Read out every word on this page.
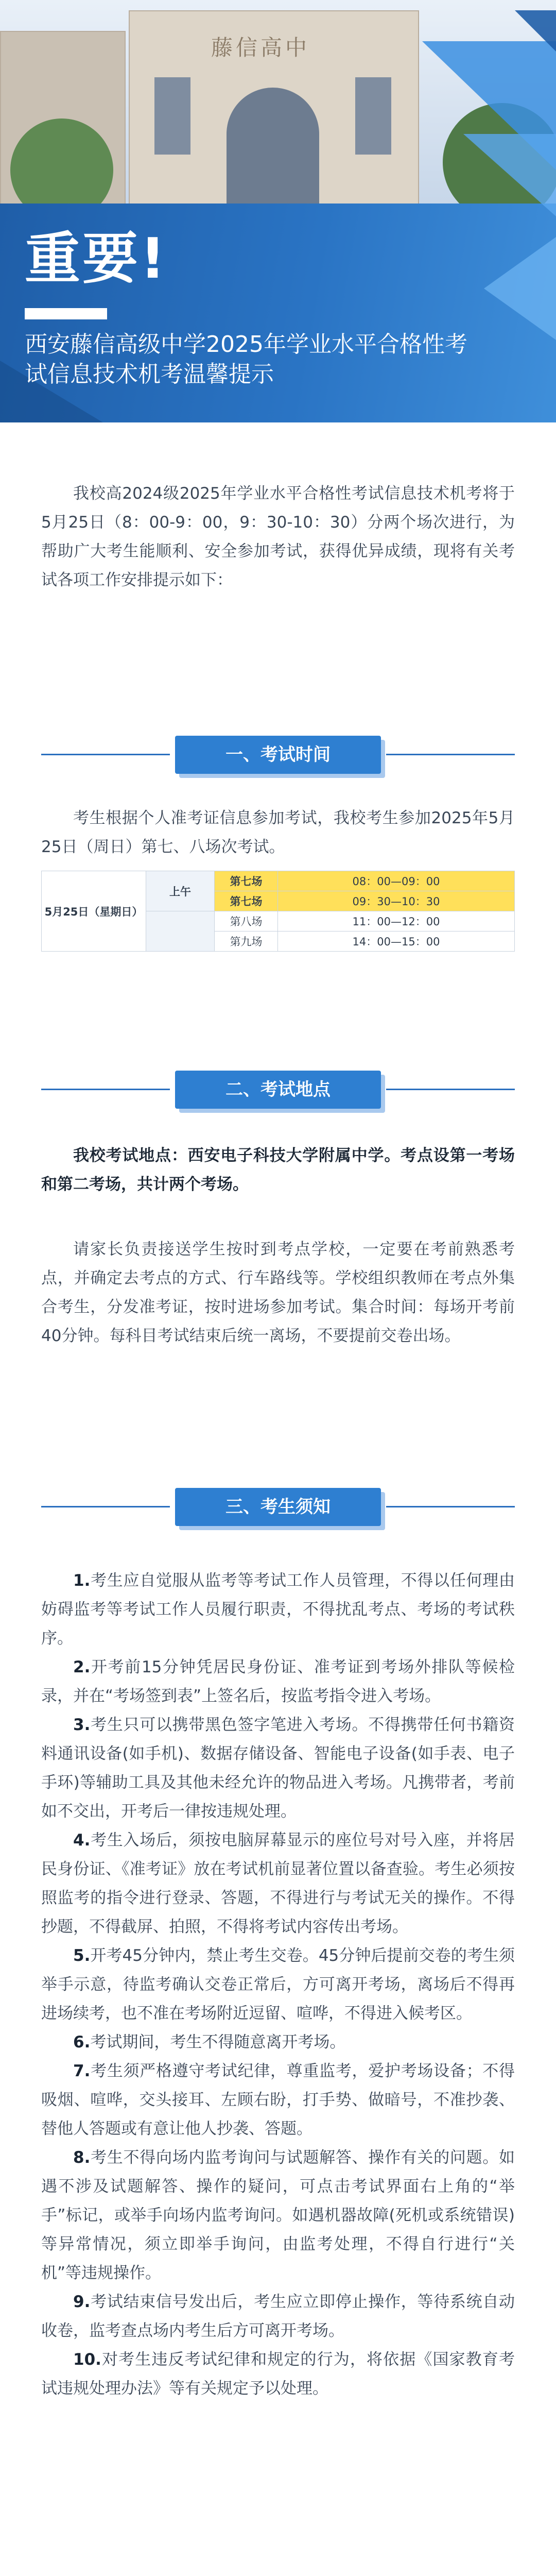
藤信高中
重要!
西安藤信高级中学2025年学业水平合格性考试信息技术机考温馨提示

我校高2024级2025年学业水平合格性考试信息技术机考将于5月25日（8：00-9：00，9：30-10：30）分两个场次进行，为帮助广大考生能顺利、安全参加考试，获得优异成绩，现将有关考试各项工作安排提示如下：

一、考试时间

考生根据个人准考证信息参加考试，我校考生参加2025年5月25日（周日）第七、八场次考试。

5月25日（星期日）	上午	第七场	08：00—09：00
		第七场	09：30—10：30
		第八场	11：00—12：00
		第九场	14：00—15：00
二、考试地点

我校考试地点：西安电子科技大学附属中学。考点设第一考场和第二考场，共计两个考场。

请家长负责接送学生按时到考点学校，一定要在考前熟悉考点，并确定去考点的方式、行车路线等。学校组织教师在考点外集合考生，分发准考证，按时进场参加考试。集合时间：每场开考前40分钟。每科目考试结束后统一离场，不要提前交卷出场。

三、考生须知

1.考生应自觉服从监考等考试工作人员管理，不得以任何理由妨碍监考等考试工作人员履行职责，不得扰乱考点、考场的考试秩序。

2.开考前15分钟凭居民身份证、准考证到考场外排队等候检录，并在“考场签到表”上签名后，按监考指令进入考场。

3.考生只可以携带黑色签字笔进入考场。不得携带任何书籍资料通讯设备(如手机)、数据存储设备、智能电子设备(如手表、电子手环)等辅助工具及其他未经允许的物品进入考场。凡携带者，考前如不交出，开考后一律按违规处理。

4.考生入场后，须按电脑屏幕显示的座位号对号入座，并将居民身份证、《准考证》放在考试机前显著位置以备查验。考生必须按照监考的指令进行登录、答题，不得进行与考试无关的操作。不得抄题，不得截屏、拍照，不得将考试内容传出考场。

5.开考45分钟内，禁止考生交卷。45分钟后提前交卷的考生须举手示意，待监考确认交卷正常后，方可离开考场，离场后不得再进场续考，也不准在考场附近逗留、喧哗，不得进入候考区。

6.考试期间，考生不得随意离开考场。

7.考生须严格遵守考试纪律，尊重监考，爱护考场设备；不得吸烟、喧哗，交头接耳、左顾右盼，打手势、做暗号，不准抄袭、替他人答题或有意让他人抄袭、答题。

8.考生不得向场内监考询问与试题解答、操作有关的问题。如遇不涉及试题解答、操作的疑问，可点击考试界面右上角的“举手”标记，或举手向场内监考询问。如遇机器故障(死机或系统错误)等异常情况，须立即举手询问，由监考处理，不得自行进行“关机”等违规操作。

9.考试结束信号发出后，考生应立即停止操作，等待系统自动收卷，监考查点场内考生后方可离开考场。

10.对考生违反考试纪律和规定的行为，将依据《国家教育考试违规处理办法》等有关规定予以处理。
